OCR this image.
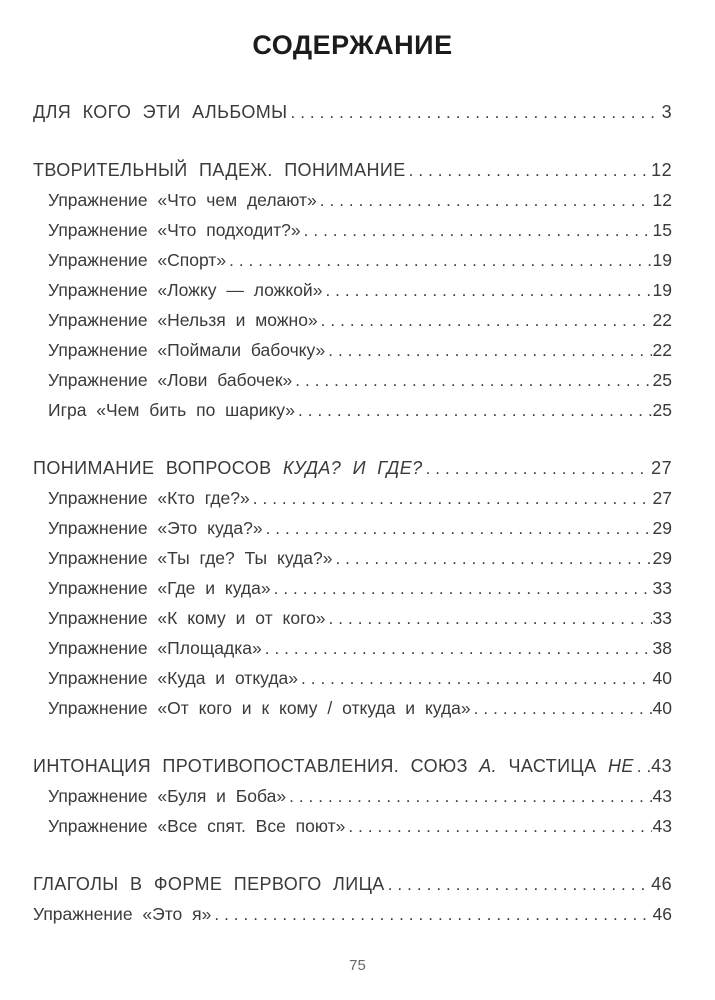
СОДЕРЖАНИЕ
ДЛЯ КОГО ЭТИ АЛЬБОМЫ .....	3
ТВОРИТЕЛЬНЫЙ ПАДЕЖ. ПОНИМАНИЕ .....	12
Упражнение «Что чем делают» .....	12
Упражнение «Что подходит?» .....	15
Упражнение «Спорт» .....	19
Упражнение «Ложку — ложкой» .....	19
Упражнение «Нельзя и можно» .....	22
Упражнение «Поймали бабочку» .....	22
Упражнение «Лови бабочек» .....	25
Игра «Чем бить по шарику» .....	25
ПОНИМАНИЕ ВОПРОСОВ КУДА? И ГДЕ? .....	27
Упражнение «Кто где?» .....	27
Упражнение «Это куда?» .....	29
Упражнение «Ты где? Ты куда?» .....	29
Упражнение «Где и куда» .....	33
Упражнение «К кому и от кого» .....	33
Упражнение «Площадка» .....	38
Упражнение «Куда и откуда» .....	40
Упражнение «От кого и к кому / откуда и куда» .....	40
ИНТОНАЦИЯ ПРОТИВОПОСТАВЛЕНИЯ. СОЮЗ А. ЧАСТИЦА НЕ ..... 43
Упражнение «Буля и Боба» .....	43
Упражнение «Все спят. Все поют» .....	43
ГЛАГОЛЫ В ФОРМЕ ПЕРВОГО ЛИЦА .....	46
Упражнение «Это я» .....	46
75
